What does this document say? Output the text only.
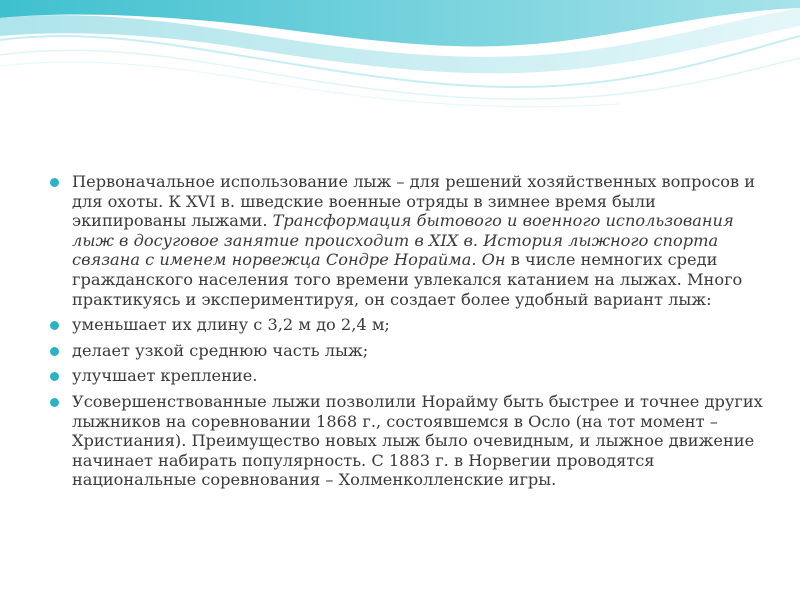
Первоначальное использование лыж – для решений хозяйственных вопросов и для охоты. К XVI в. шведские военные отряды в зимнее время были экипированы лыжами. Трансформация бытового и военного использования лыж в досуговое занятие происходит в XIX в. История лыжного спорта связана с именем норвежца Сондре Норайма. Он в числе немногих среди гражданского населения того времени увлекался катанием на лыжах. Много практикуясь и экспериментируя, он создает более удобный вариант лыж:
уменьшает их длину с 3,2 м до 2,4 м;
делает узкой среднюю часть лыж;
улучшает крепление.
Усовершенствованные лыжи позволили Норайму быть быстрее и точнее других лыжников на соревновании 1868 г., состоявшемся в Осло (на тот момент – Христиания). Преимущество новых лыж было очевидным, и лыжное движение начинает набирать популярность. С 1883 г. в Норвегии проводятся национальные соревнования – Холменколленские игры.
